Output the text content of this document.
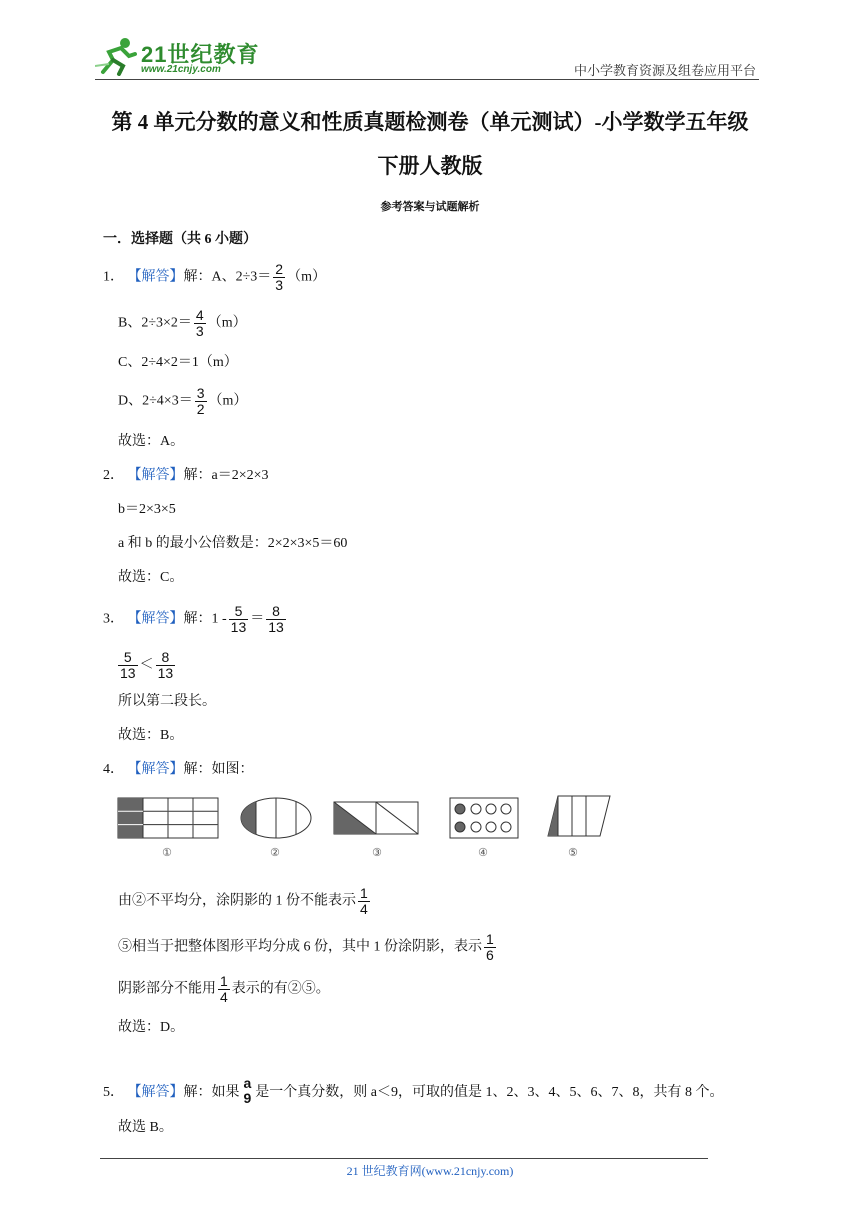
21世纪教育
www.21cnjy.com	中小学教育资源及组卷应用平台
第 4 单元分数的意义和性质真题检测卷（单元测试）-小学数学五年级
下册人教版
参考答案与试题解析
一．选择题（共 6 小题）
1． 【解答】解：A、$2\div 3= \frac{2}{3} (m)$
B、$2\div 3\times 2= \frac{4}{3} (m)$
C、2÷4×2＝1（m）
D、$2\div 4\times 3= \frac{3}{2} (m)$
故选：A。
2． 【解答】解：a＝2×2×3
b＝2×3×5
a 和 b 的最小公倍数是：2×2×3×5＝60
故选：C。
3． 【解答】解：$1 - \frac{5}{13} = \frac{8}{13}$
$\frac{5}{13} < \frac{8}{13}$
所以第二段长。
故选：B。
4． 【解答】解：如图：
①	②	③	④	⑤
由②不平均分，涂阴影的 1 份不能表示 $\frac{1}{4}$
⑤相当于把整体图形平均分成 6 份，其中 1 份涂阴影，表示 $\frac{1}{6}$
阴影部分不能用 $\frac{1}{4}$ 表示的有②⑤。
故选：D。
5． 【解答】解：如果
a
9 是一个真分数，则 a＜9，可取的值是 1、2、3、4、5、6、7、8，共有 8 个。
故选 B。
21 世纪教育网(www.21cnjy.com)
